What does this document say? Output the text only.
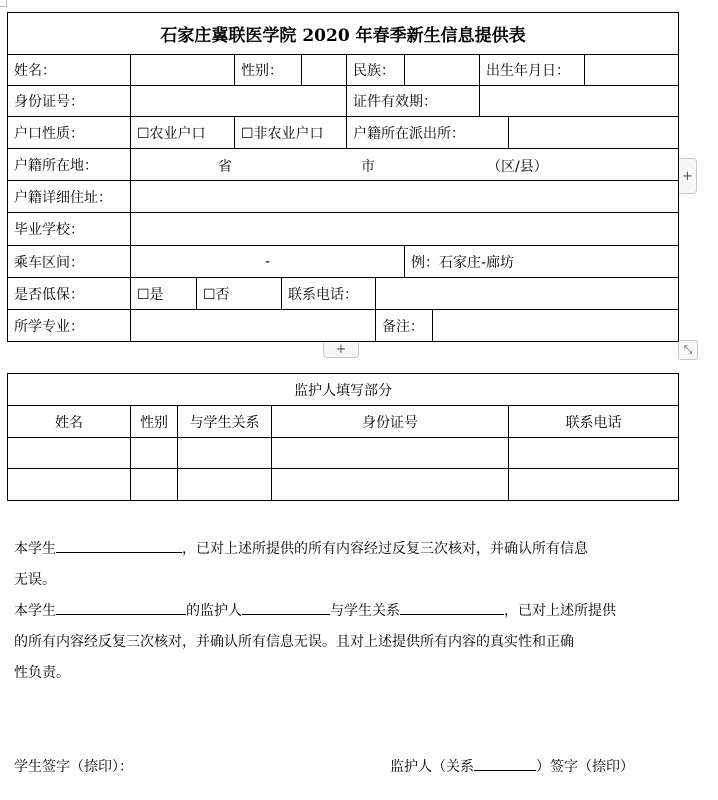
石家庄冀联医学院 2020 年春季新生信息提供表
姓名：	性别：	民族：	出生年月日：
身份证号：	证件有效期：
户口性质：	☐农业户口	☐非农业户口	户籍所在派出所：
户籍所在地：	省	市	（区/县）
户籍详细住址：
毕业学校：
乘车区间：	-	例：石家庄-廊坊
是否低保：	☐是	☐否	联系电话：
所学专业：	备注：
+
+	⤡
监护人填写部分
姓名	性别	与学生关系	身份证号	联系电话
本学生	，已对上述所提供的所有内容经过反复三次核对，并确认所有信息
无误。
本学生	的监护人	与学生关系	，已对上述所提供
的所有内容经反复三次核对，并确认所有信息无误。且对上述提供所有内容的真实性和正确
性负责。
学生签字（捺印）：	监护人（关系	）签字（捺印）
